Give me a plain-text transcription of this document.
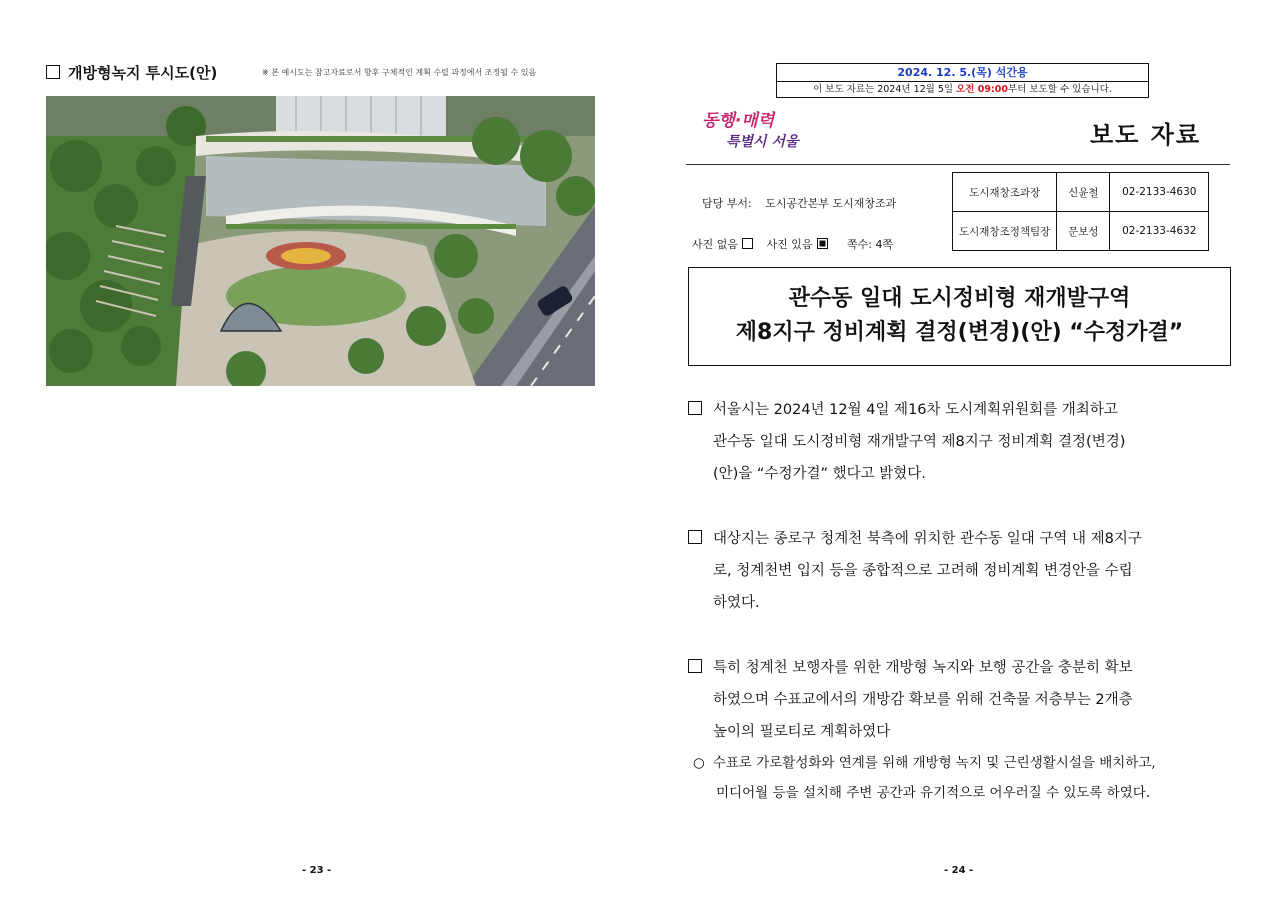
개방형녹지 투시도(안)	※ 본 예시도는 참고자료로서 향후 구체적인 계획 수립 과정에서 조정될 수 있음
- 23 -
2024. 12. 5.(목) 석간용
이 보도 자료는 2024년 12월 5일 오전 09:00부터 보도할 수 있습니다.
동행·매력
특별시 서울	보도 자료
담당 부서: 도시공간본부 도시재창조과
사진 없음	사진 있음	쪽수: 4쪽
도시재창조과장	신윤철	02-2133-4630
도시재창조정책팀장	문보성	02-2133-4632
관수동 일대 도시정비형 재개발구역
제8지구 정비계획 결정(변경)(안) “수정가결”
서울시는 2024년 12월 4일 제16차 도시계획위원회를 개최하고
관수동 일대 도시정비형 재개발구역 제8지구 정비계획 결정(변경)
(안)을 “수정가결” 했다고 밝혔다.
대상지는 종로구 청계천 북측에 위치한 관수동 일대 구역 내 제8지구
로, 청계천변 입지 등을 종합적으로 고려해 정비계획 변경안을 수립
하였다.
특히 청계천 보행자를 위한 개방형 녹지와 보행 공간을 충분히 확보
하였으며 수표교에서의 개방감 확보를 위해 건축물 저층부는 2개층
높이의 필로티로 계획하였다
○ 수표로 가로활성화와 연계를 위해 개방형 녹지 및 근린생활시설을 배치하고,
미디어월 등을 설치해 주변 공간과 유기적으로 어우러질 수 있도록 하였다.
- 24 -
